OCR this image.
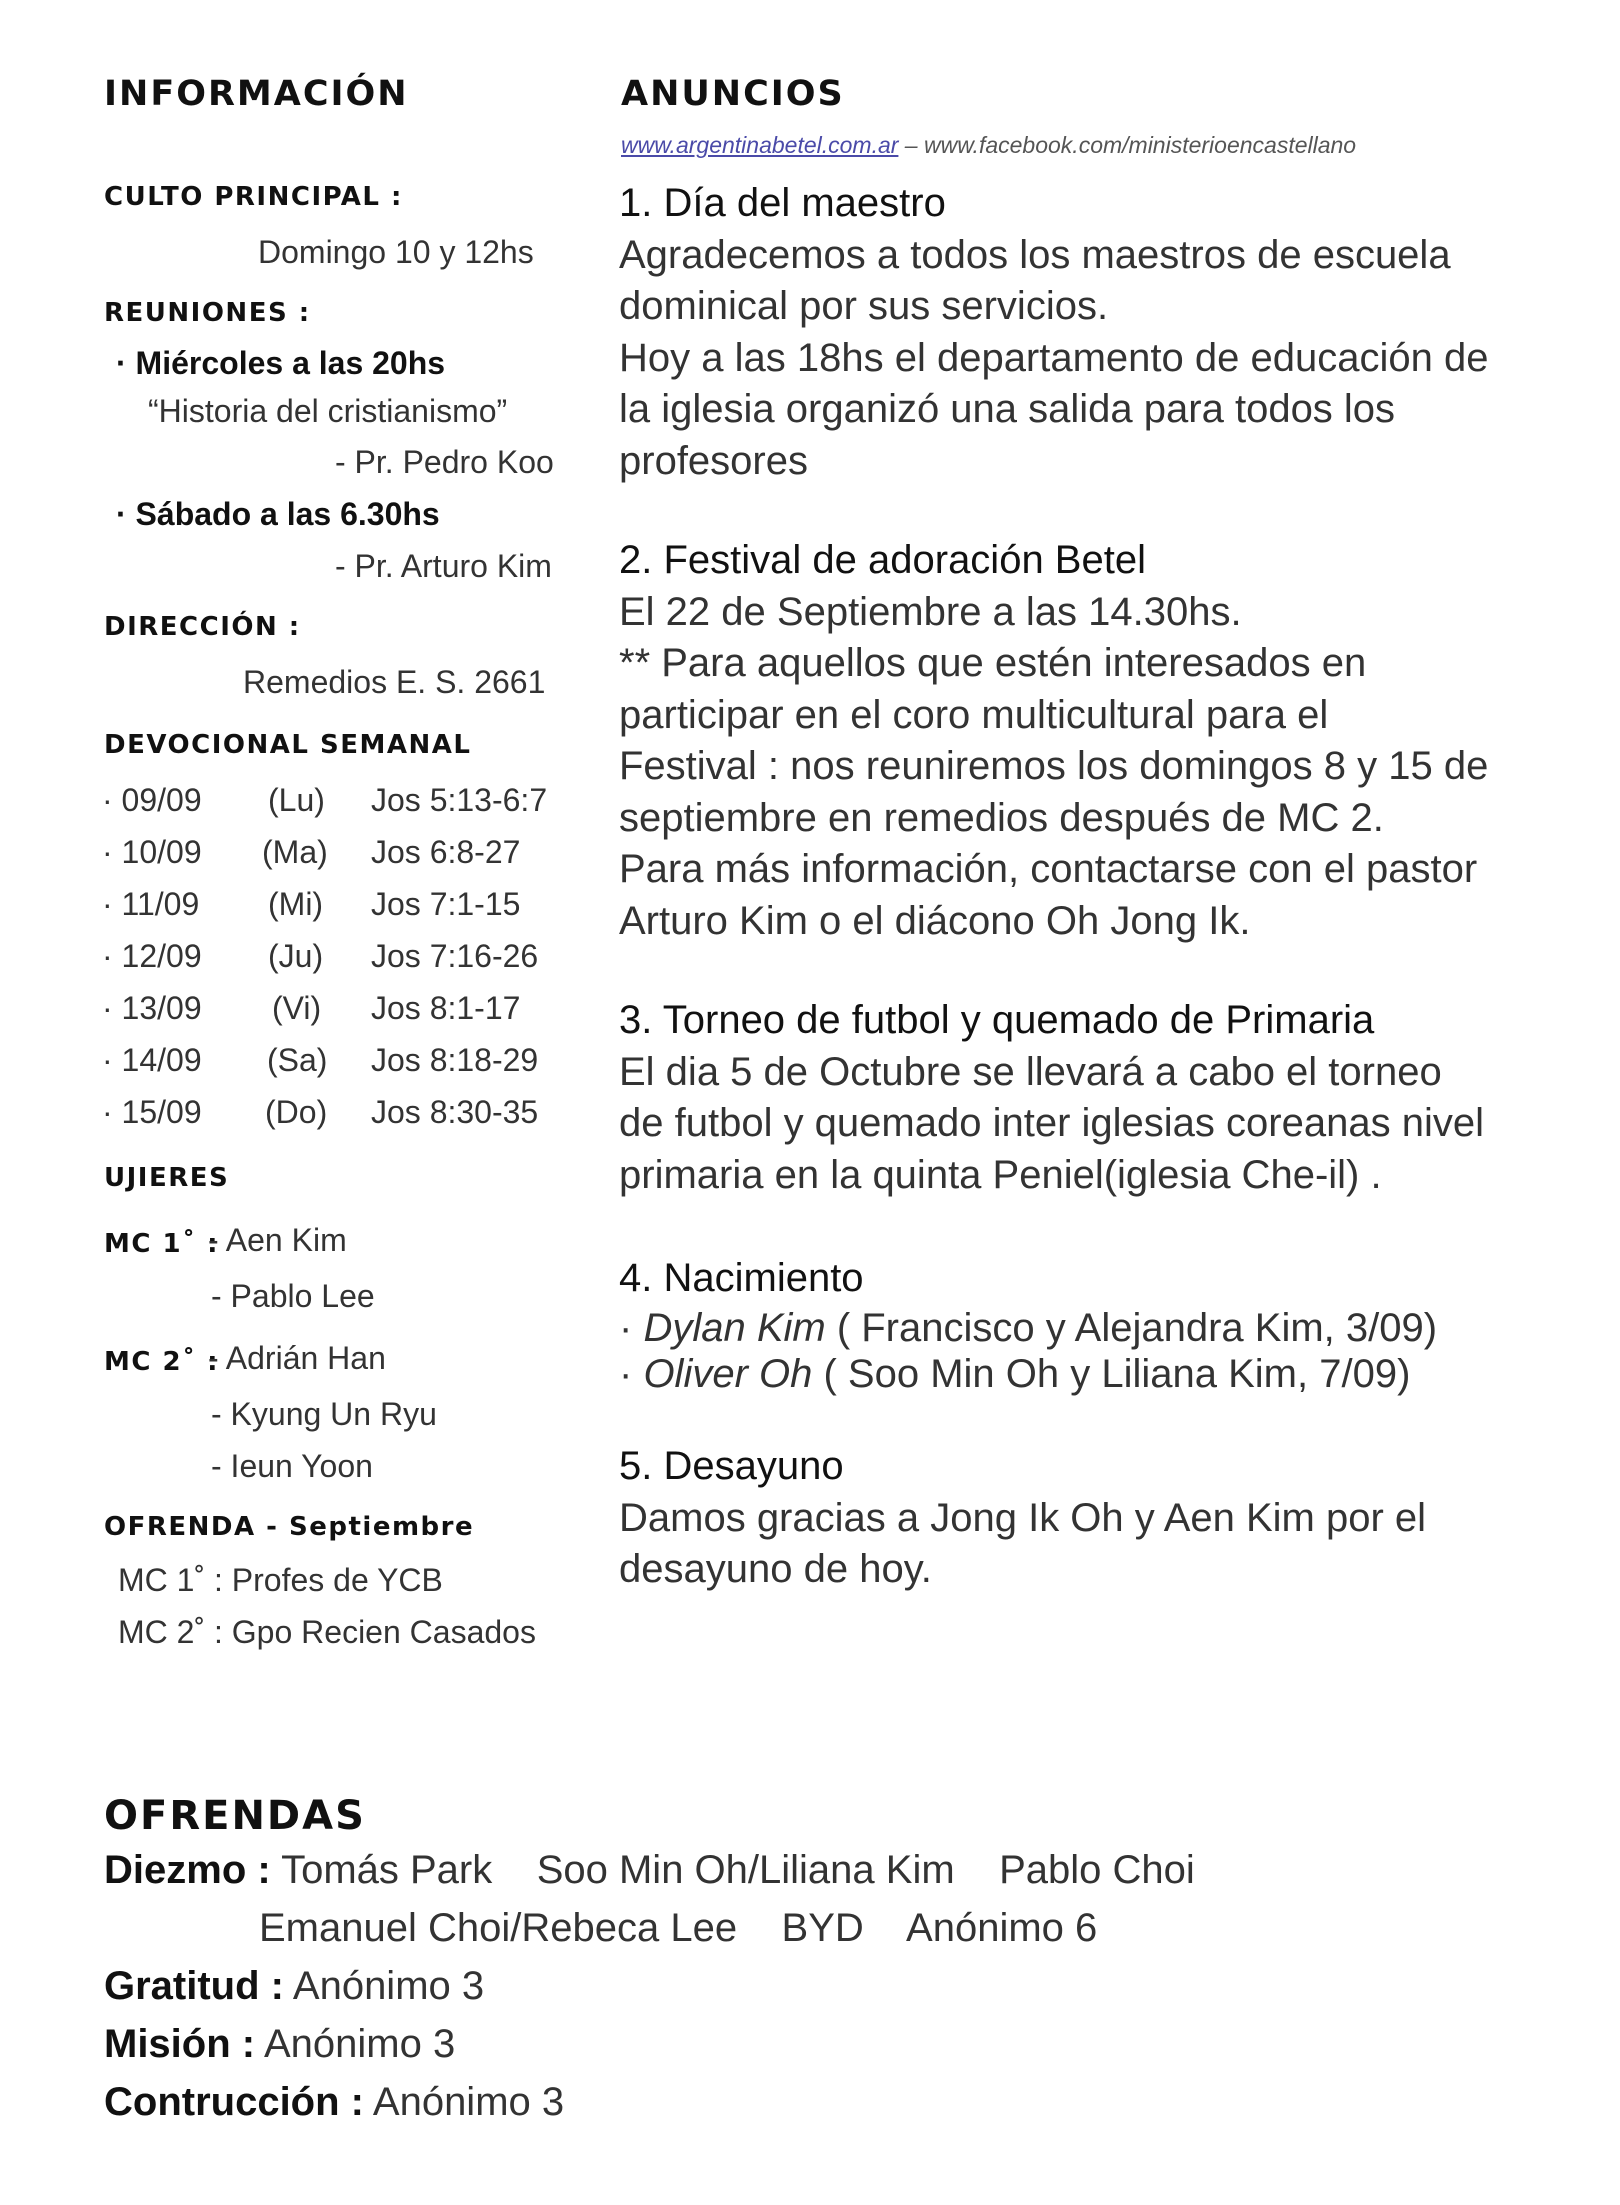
INFORMACIÓN
CULTO PRINCIPAL :
Domingo 10 y 12hs
REUNIONES :
· Miércoles a las 20hs
“Historia del cristianismo”
- Pr. Pedro Koo
· Sábado a las 6.30hs
- Pr. Arturo Kim
DIRECCIÓN :
Remedios E. S. 2661
DEVOCIONAL SEMANAL
· 09/09 (Lu) Jos 5:13-6:7
· 10/09 (Ma) Jos 6:8-27
· 11/09 (Mi) Jos 7:1-15
· 12/09 (Ju) Jos 7:16-26
· 13/09 (Vi) Jos 8:1-17
· 14/09 (Sa) Jos 8:18-29
· 15/09 (Do) Jos 8:30-35
UJIERES
MC 1˚ :
- Aen Kim
- Pablo Lee
MC 2˚ :
- Adrián Han
- Kyung Un Ryu
- Ieun Yoon
OFRENDA - Septiembre
MC 1˚ : Profes de YCB
MC 2˚ : Gpo Recien Casados
ANUNCIOS
www.argentinabetel.com.ar – www.facebook.com/ministerioencastellano
1. Día del maestro
Agradecemos a todos los maestros de escuela
dominical por sus servicios.
Hoy a las 18hs el departamento de educación de
la iglesia organizó una salida para todos los
profesores
2. Festival de adoración Betel
El 22 de Septiembre a las 14.30hs.
** Para aquellos que estén interesados en
participar en el coro multicultural para el
Festival : nos reuniremos los domingos 8 y 15 de
septiembre en remedios después de MC 2.
Para más información, contactarse con el pastor
Arturo Kim o el diácono Oh Jong Ik.
3. Torneo de futbol y quemado de Primaria
El dia 5 de Octubre se llevará a cabo el torneo
de futbol y quemado inter iglesias coreanas nivel
primaria en la quinta Peniel(iglesia Che-il) .
4. Nacimiento
· Dylan Kim ( Francisco y Alejandra Kim, 3/09)
· Oliver Oh ( Soo Min Oh y Liliana Kim, 7/09)
5. Desayuno
Damos gracias a Jong Ik Oh y Aen Kim por el
desayuno de hoy.
OFRENDAS
Diezmo : Tomás Park    Soo Min Oh/Liliana Kim    Pablo Choi
Emanuel Choi/Rebeca Lee    BYD    Anónimo 6
Gratitud : Anónimo 3
Misión : Anónimo 3
Contrucción : Anónimo 3
